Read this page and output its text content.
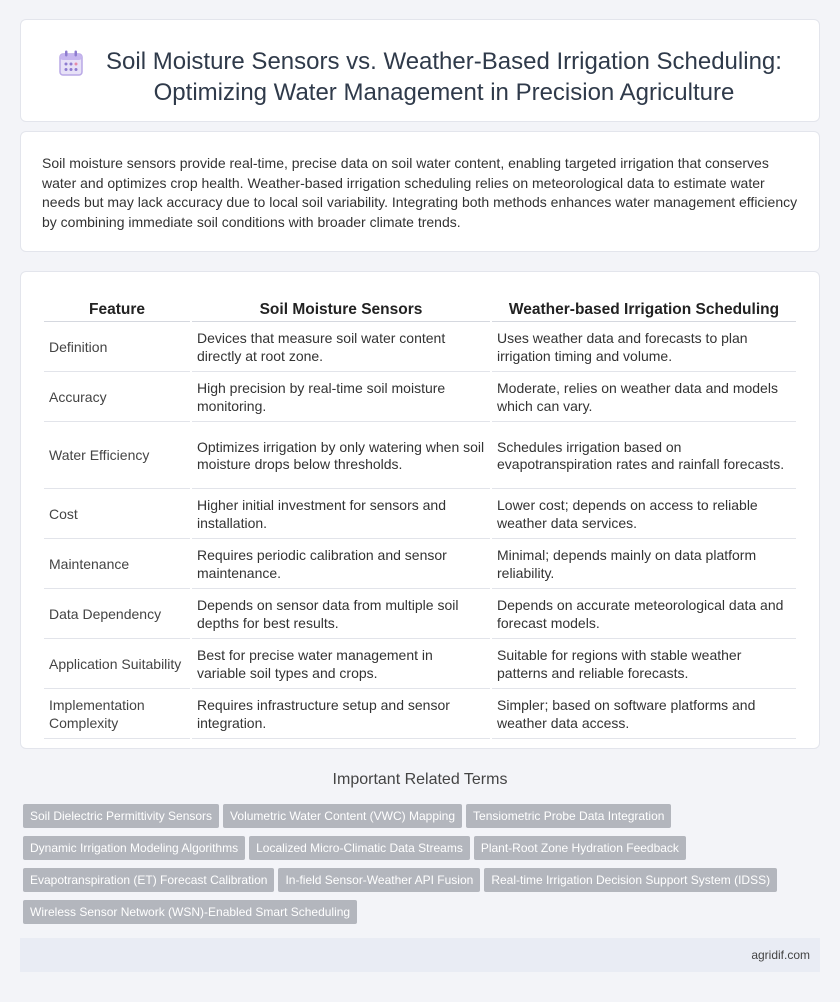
Soil Moisture Sensors vs. Weather-Based Irrigation Scheduling:
Optimizing Water Management in Precision Agriculture

Soil moisture sensors provide real-time, precise data on soil water content, enabling targeted irrigation that conserves water and optimizes crop health. Weather-based irrigation scheduling relies on meteorological data to estimate water needs but may lack accuracy due to local soil variability. Integrating both methods enhances water management efficiency by combining immediate soil conditions with broader climate trends.

Feature	Soil Moisture Sensors	Weather-based Irrigation Scheduling
Definition	Devices that measure soil water content directly at root zone.	Uses weather data and forecasts to plan irrigation timing and volume.
Accuracy	High precision by real-time soil moisture monitoring.	Moderate, relies on weather data and models which can vary.
Water Efficiency	Optimizes irrigation by only watering when soil moisture drops below thresholds.	Schedules irrigation based on evapotranspiration rates and rainfall forecasts.
Cost	Higher initial investment for sensors and installation.	Lower cost; depends on access to reliable weather data services.
Maintenance	Requires periodic calibration and sensor maintenance.	Minimal; depends mainly on data platform reliability.
Data Dependency	Depends on sensor data from multiple soil depths for best results.	Depends on accurate meteorological data and forecast models.
Application Suitability	Best for precise water management in variable soil types and crops.	Suitable for regions with stable weather patterns and reliable forecasts.
Implementation Complexity	Requires infrastructure setup and sensor integration.	Simpler; based on software platforms and weather data access.
Important Related Terms
Soil Dielectric Permittivity Sensors Volumetric Water Content (VWC) Mapping Tensiometric Probe Data Integration
Dynamic Irrigation Modeling Algorithms Localized Micro-Climatic Data Streams Plant-Root Zone Hydration Feedback
Evapotranspiration (ET) Forecast Calibration In-field Sensor-Weather API Fusion Real-time Irrigation Decision Support System (IDSS)
Wireless Sensor Network (WSN)-Enabled Smart Scheduling
agridif.com
